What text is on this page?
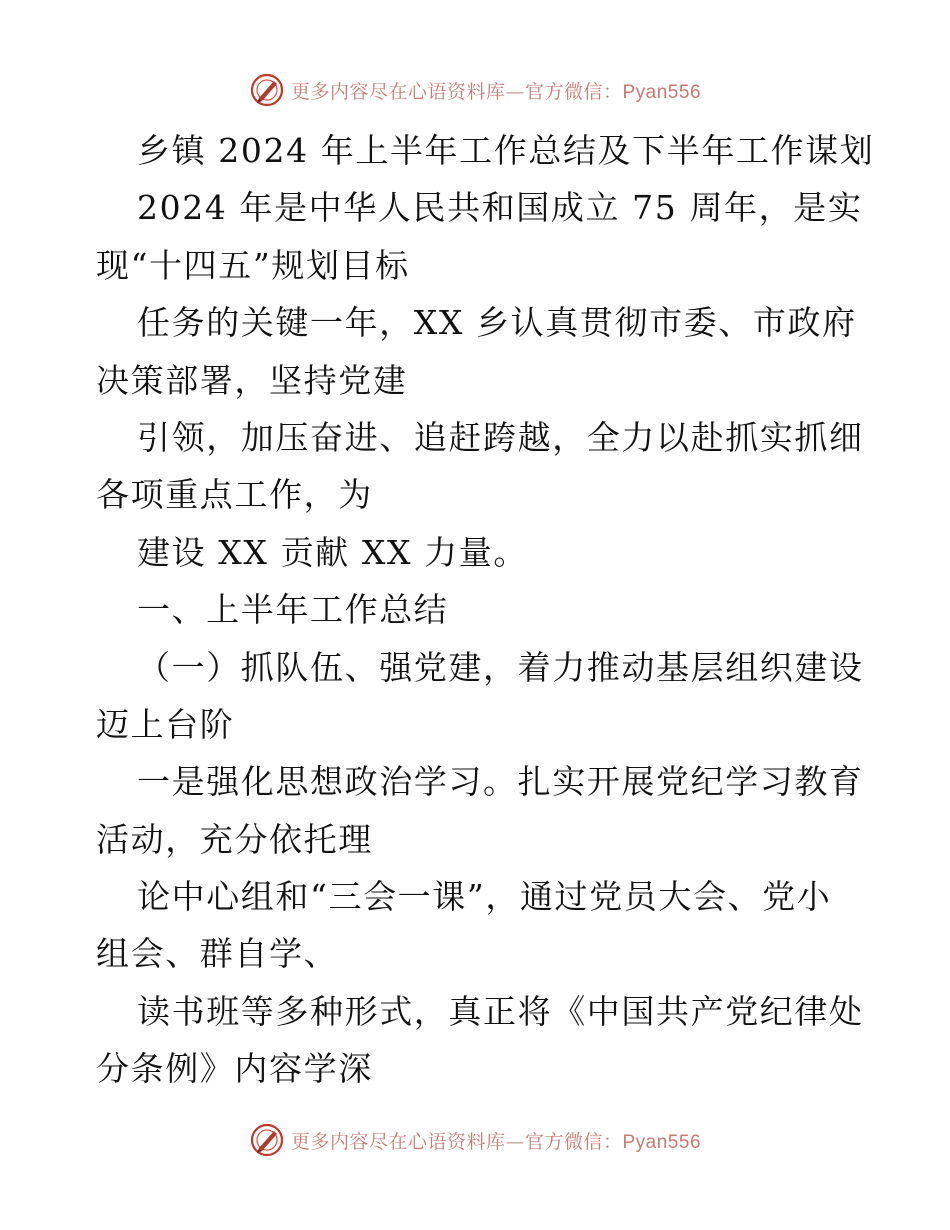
更多内容尽在心语资料库—官方微信：Pyan556
乡镇 2024 年上半年工作总结及下半年工作谋划
2024 年是中华人民共和国成立 75 周年，是实
现“十四五”规划目标
任务的关键一年，XX 乡认真贯彻市委、市政府
决策部署，坚持党建
引领，加压奋进、追赶跨越，全力以赴抓实抓细
各项重点工作，为
建设 XX 贡献 XX 力量。
一、上半年工作总结
（一）抓队伍、强党建，着力推动基层组织建设
迈上台阶
一是强化思想政治学习。扎实开展党纪学习教育
活动，充分依托理
论中心组和“三会一课”，通过党员大会、党小
组会、群自学、
读书班等多种形式，真正将《中国共产党纪律处
分条例》内容学深
更多内容尽在心语资料库—官方微信：Pyan556
